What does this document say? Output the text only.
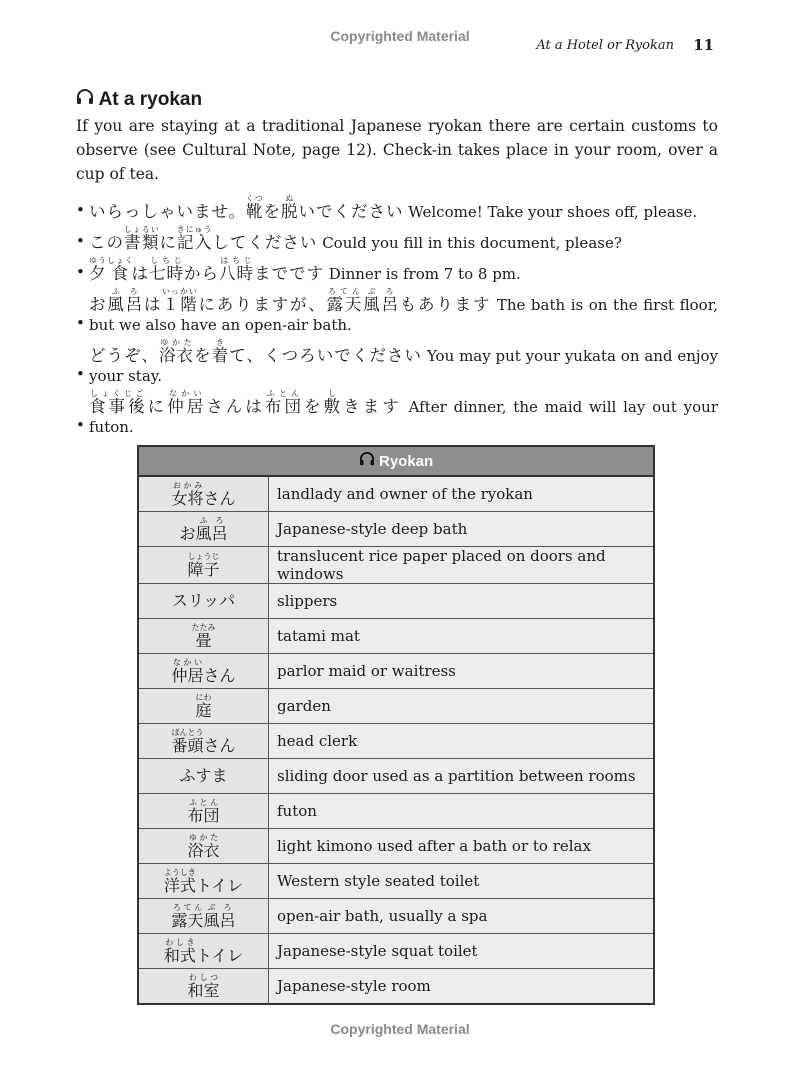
Copyrighted Material
At a Hotel or Ryokan 11
At a ryokan
If you are staying at a traditional Japanese ryokan there are certain customs to observe (see Cultural Note, page 12). Check-in takes place in your room, over a cup of tea.
• いらっしゃいませ。靴くつを脱ぬいでください Welcome! Take your shoes off, please.
• この書類しょるいに記入きにゅうしてください Could you fill in this document, please?
• 夕食ゆうしょくは七時しちじから八時はちじまでです Dinner is from 7 to 8 pm.
• お風呂ふろは１階いっかいにありますが、露天ろてん風呂ぶろもあります The bath is on the first floor, but we also have an open-air bath.
• どうぞ、浴衣ゆかたを着きて、くつろいでください You may put your yukata on and enjoy your stay.
• 食事後しょくじごに仲居なかいさんは布団ふとんを敷しきます After dinner, the maid will lay out your futon.
Ryokan	
女将おかみさん	landlady and owner of the ryokan
お風呂ふろ	Japanese-style deep bath
障子しょうじ	translucent rice paper placed on doors and windows
スリッパ	slippers
畳たたみ	tatami mat
仲居なかいさん	parlor maid or waitress
庭にわ	garden
番頭ばんとうさん	head clerk
ふすま	sliding door used as a partition between rooms
布団ふとん	futon
浴衣ゆかた	light kimono used after a bath or to relax
洋式ようしきトイレ	Western style seated toilet
露天ろてん風呂ぶろ	open-air bath, usually a spa
和式わしきトイレ	Japanese-style squat toilet
和室わしつ	Japanese-style room
Copyrighted Material
